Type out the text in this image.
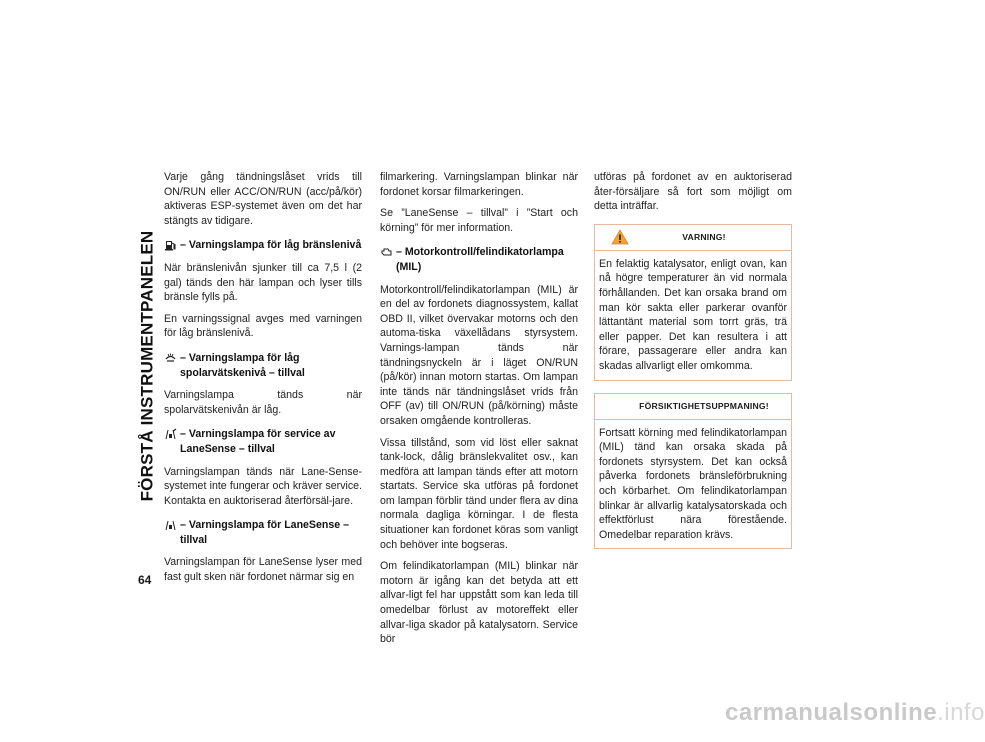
FÖRSTÅ INSTRUMENTPANELEN
64

Varje gång tändningslåset vrids till ON/RUN eller ACC/ON/RUN (acc/på/kör) aktiveras ESP-systemet även om det har stängts av tidigare.

– Varningslampa för låg bränslenivå

När bränslenivån sjunker till ca 7,5 l (2 gal) tänds den här lampan och lyser tills bränsle fylls på.

En varningssignal avges med varningen för låg bränslenivå.

– Varningslampa för låg spolarvätskenivå – tillval

Varningslampa tänds när spolarvätskenivån är låg.

– Varningslampa för service av LaneSense – tillval

Varningslampan tänds när Lane-Sense-systemet inte fungerar och kräver service. Kontakta en auktoriserad återförsäl-jare.

– Varningslampa för LaneSense – tillval

Varningslampan för LaneSense lyser med fast gult sken när fordonet närmar sig en

filmarkering. Varningslampan blinkar när fordonet korsar filmarkeringen.

Se ”LaneSense – tillval” i ”Start och körning” för mer information.

– Motorkontroll/felindikatorlampa (MIL)

Motorkontroll/felindikatorlampan (MIL) är en del av fordonets diagnossystem, kallat OBD II, vilket övervakar motorns och den automa-tiska växellådans styrsystem. Varnings-lampan tänds när tändningsnyckeln är i läget ON/RUN (på/kör) innan motorn startas. Om lampan inte tänds när tändningslåset vrids från OFF (av) till ON/RUN (på/körning) måste orsaken omgående kontrolleras.

Vissa tillstånd, som vid löst eller saknat tank-lock, dålig bränslekvalitet osv., kan medföra att lampan tänds efter att motorn startats. Service ska utföras på fordonet om lampan förblir tänd under flera av dina normala dagliga körningar. I de flesta situationer kan fordonet köras som vanligt och behöver inte bogseras.

Om felindikatorlampan (MIL) blinkar när motorn är igång kan det betyda att ett allvar-ligt fel har uppstått som kan leda till omedelbar förlust av motoreffekt eller allvar-liga skador på katalysatorn. Service bör

utföras på fordonet av en auktoriserad åter-försäljare så fort som möjligt om detta inträffar.

VARNING!

En felaktig katalysator, enligt ovan, kan nå högre temperaturer än vid normala förhållanden. Det kan orsaka brand om man kör sakta eller parkerar ovanför lättantänt material som torrt gräs, trä eller papper. Det kan resultera i att förare, passagerare eller andra kan skadas allvarligt eller omkomma.

FÖRSIKTIGHETSUPPMANING!

Fortsatt körning med felindikatorlampan (MIL) tänd kan orsaka skada på fordonets styrsystem. Det kan också påverka fordonets bränsleförbrukning och körbarhet. Om felindikatorlampan blinkar är allvarlig katalysatorskada och effektförlust nära förestående. Omedelbar reparation krävs.

carmanualsonline.info
